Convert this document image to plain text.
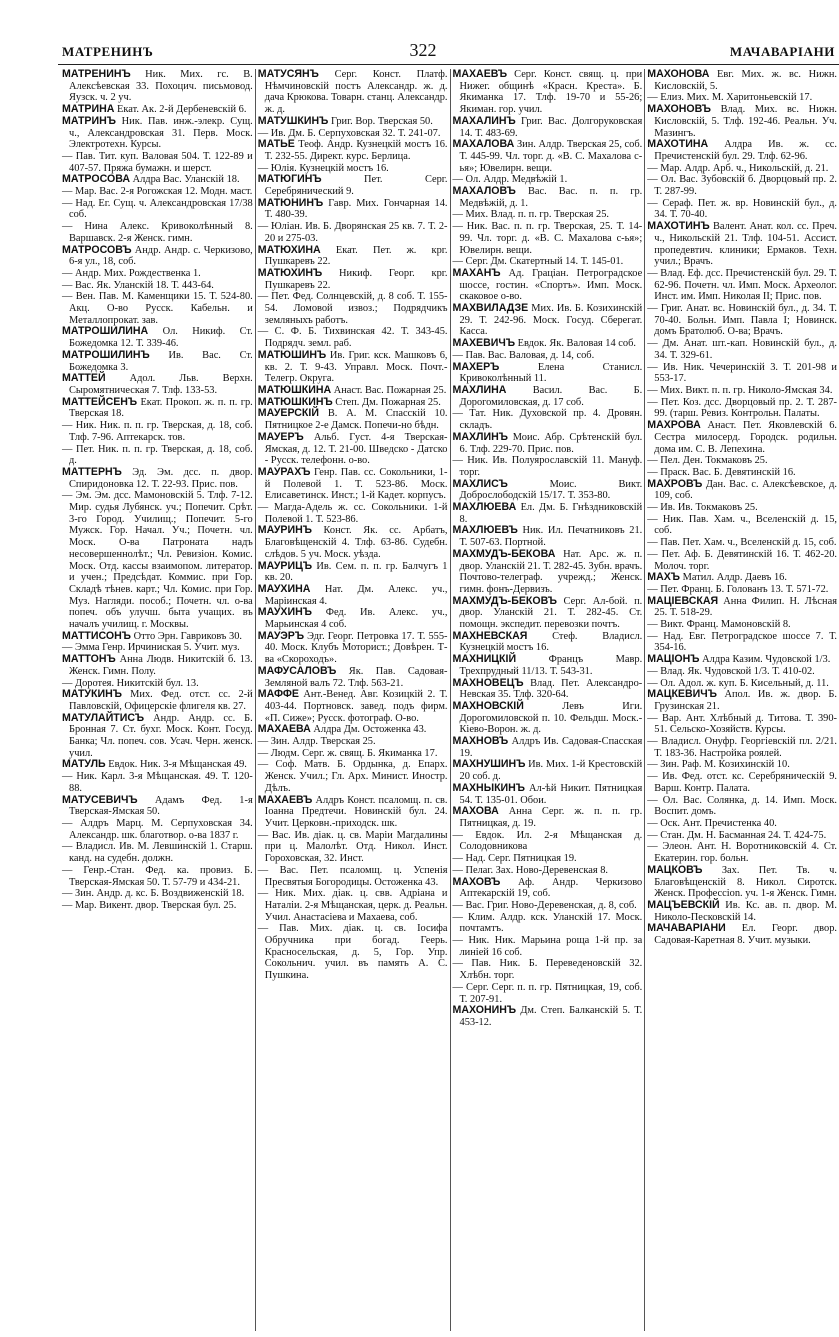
МАТРЕНИНЪ	322	МАЧАВАРІАНИ

МАТРЕНИНЪ Ник. Мих. гс. В. Алексѣевская 33. Похоцич. письмовод. Яузск. ч. 2 уч.

МАТРИНА Екат. Ак. 2-й Дербеневскій 6.

МАТРИНЪ Ник. Пав. инж.-элекр. Сущ. ч., Александровская 31. Перв. Моск. Электротехн. Курсы.

— Пав. Тит. куп. Валовая 504. Т. 122-89 и 407-57. Пряжа бумажн. и шерст.

МАТРОСОВА Алдра Вас. Уланскій 18.

— Мар. Вас. 2-я Рогожская 12. Модн. маст.

— Над. Ег. Сущ. ч. Александровская 17/38 соб.

— Нина Алекс. Кривоколѣнный 8. Варшавск. 2-я Женск. гимн.

МАТРОСОВЪ Андр. Андр. с. Черкизово, 6-я ул., 18, соб.

— Андр. Мих. Рождественка 1.

— Вас. Як. Уланскій 18. Т. 443-64.

— Вен. Пав. М. Каменщики 15. Т. 524-80. Акц. О-во Русск. Кабельн. и Металлопрокат. зав.

МАТРОШИЛИНА Ол. Никиф. Ст. Божедомка 12. Т. 339-46.

МАТРОШИЛИНЪ Ив. Вас. Ст. Божедомка 3.

МАТТЕЙ Адол. Льв. Верхн. Сыромятническая 7. Тлф. 133-53.

МАТТЕЙСЕНЪ Екат. Прокоп. ж. п. п. гр. Тверская 18.

— Ник. Ник. п. п. гр. Тверская, д. 18, соб. Тлф. 7-96. Аптекарск. тов.

— Пет. Ник. п. п. гр. Тверская, д. 18, соб. д.

МАТТЕРНЪ Эд. Эм. дсс. п. двор. Спиридоновка 12. Т. 22-93. Прис. пов.

— Эм. Эм. дсс. Мамоновскій 5. Тлф. 7-12. Мир. судья Лубянск. уч.; Попечит. Срѣт. 3-го Город. Училищ.; Попечит. 5-го Мужск. Гор. Начал. Уч.; Почетн. чл. Моск. О-ва Патроната надъ несовершеннолѣт.; Чл. Ревизіон. Комис. Моск. Отд. кассы взаимопом. литератор. и учен.; Предсѣдат. Коммис. при Гор. Складѣ тѣнев. карт.; Чл. Комис. при Гор. Муз. Нагляди. пособ.; Почетн. чл. о-ва попеч. объ улучш. быта учащих. въ началъ училищ. г. Москвы.

МАТТИСОНЪ Отто Эрн. Гавриковъ 30.

— Эмма Генр. Ирчиниская 5. Учит. муз.

МАТТОНЪ Анна Людв. Никитскій б. 13. Женск. Гимн. Полу.

— Доротея. Никитскій бул. 13.

МАТУКИНЪ Мих. Фед. отст. сс. 2-й Павловскій, Офицерскіе флигеля кв. 27.

МАТУЛАЙТИСЪ Андр. Андр. сс. Б. Бронная 7. Ст. бухг. Моск. Конт. Госуд. Банка; Чл. попеч. сов. Усач. Черн. женск. учил.

МАТУЛЬ Евдок. Ник. 3-я Мѣщанская 49.

— Ник. Карл. 3-я Мѣщанская. 49. Т. 120-88.

МАТУСЕВИЧЪ Адамъ Фед. 1-я Тверская-Ямская 50.

— Алдръ Марц. М. Серпуховская 34. Александр. шк. благотвор. о-ва 1837 г.

— Владисл. Ив. М. Левшинскій 1. Старш. канд. на судебн. должн.

— Генр.-Стан. Фед. ка. провиз. Б. Тверская-Ямская 50. Т. 57-79 и 434-21.

— Зин. Андр. д. кс. Б. Воздвиженскій 18.

— Мар. Викент. двор. Тверская бул. 25.

МАТУСЯНЪ Серг. Конст. Платф. Нѣмчиновскій постъ Александр. ж. д. дача Крюкова. Товарн. станц. Александр. ж. д.

МАТУШКИНЪ Григ. Вор. Тверская 50.

— Ив. Дм. Б. Серпуховская 32. Т. 241-07.

МАТЬЕ Теоф. Андр. Кузнецкій мостъ 16. Т. 232-55. Директ. курс. Берлица.

— Юлія. Кузнецкій мостъ 16.

МАТЮГИНЪ	Пет. Серг. Серебрянический 9.

МАТЮНИНЪ Гавр. Мих. Гончарная 14. Т. 480-39.

— Юліан. Ив. Б. Дворянская 25 кв. 7. Т. 2-20 и 275-03.

МАТЮХИНА Екат. Пет. ж. крг. Пушкаревъ 22.

МАТЮХИНЪ Никиф. Георг. крг. Пушкаревъ 22.

— Пет. Фед. Солнцевскій, д. 8 соб. Т. 155-54. Ломовой извоз.; Подрядчикъ земляныхъ работъ.

— С. Ф. Б. Тихвинская 42. Т. 343-45. Подрядч. земл. раб.

МАТЮШИНЪ Ив. Григ. кск. Машковъ 6, кв. 2. Т. 9-43. Управл. Моск. Почт.-Телегр. Округа.

МАТЮШКИНА Анаст. Вас. Пожарная 25.

МАТЮШКИНЪ Степ. Дм. Пожарная 25.

МАУЕРСКІЙ В. А. М. Спасскій 10. Пятницкое 2-е Дамск. Попечи-но бѣдн.

МАУЕРЪ Альб. Густ. 4-я Тверская-Ямская, д. 12. Т. 21-00. Шведско - Датско - Русск. телефонн. о-во.

МАУРАХЪ Генр. Пав. сс. Сокольники, 1-й Полевой 1. Т. 523-86. Моск. Елисаветинск. Инст.; 1-й Кадет. корпусъ.

— Магда-Адель ж. сс. Сокольники. 1-й Полевой 1. Т. 523-86.

МАУРИНЪ Конст. Як. сс. Арбатъ, Благовѣщенскій 4. Тлф. 63-86. Судебн. слѣдов. 5 уч. Моск. уѣзда.

МАУРИЦЪ Ив. Сем. п. п. гр. Балчугъ 1 кв. 20.

МАУХИНА Нат. Дм. Алекс. уч., Маріинская 4.

МАУХИНЪ Фед. Ив. Алекс. уч., Марьинская 4 соб.

МАУЭРЪ Эдг. Георг. Петровка 17. Т. 555-40. Моск. Клубъ Моторист.; Довѣрен. Т-ва «Скороходъ».

МАФУСАЛОВЪ Як. Пав. Садовая-Земляной валъ 72. Тлф. 563-21.

МАФФЕ Ант.-Венед. Авг. Козицкій 2. Т. 403-44. Портновск. завед. подъ фирм. «П. Сиже»; Русск. фотограф. О-во.

МАХАЕВА Алдра Дм. Остоженка 43.

— Зин. Алдр. Тверская 25.

— Людм. Серг. ж. свящ. Б. Якиманка 17.

— Соф. Матв. Б. Ордынка, д. Епарх. Женск. Учил.; Гл. Арх. Минист. Иностр. Дѣлъ.

МАХАЕВЪ Алдръ Конст. псаломщ. п. св. Іоанна Предтечи. Новинскій бул. 24. Учит. Церковн.-приходск. шк.

— Вас. Ив. діак. ц. св. Маріи Магдалины при ц. Малолѣт. Отд. Никол. Инст. Гороховская, 32. Инст.

— Вас. Пет. псаломщ. ц. Успенія Пресвятыя Богородицы. Остоженка 43.

— Ник. Мих. діак. ц. свв. Адріана и Наталіи. 2-я Мѣщанская, церк. д. Реальн. Учил. Анастасіева и Махаева, соб.

— Пав. Мих. діак. ц. св. Іосифа Обручника при богад. Геерь. Красносельская, д. 5, Гор. Упр. Сокольнич. учил. въ память А. С. Пушкина.

МАХАЕВЪ Серг. Конст. свящ. ц. при Нижег. общинѣ «Красн. Креста». Б. Якиманка 17. Тлф. 19-70 и 55-26; Якиман. гор. учил.

МАХАЛИНЪ Григ. Вас. Долгоруковская 14. Т. 483-69.

МАХАЛОВА Зин. Алдр. Тверская 25, соб. Т. 445-99. Чл. торг. д. «В. С. Махалова с-ья»; Ювелирн. вещи.

— Ол. Алдр. Медвѣжій 1.

МАХАЛОВЪ Вас. Вас. п. п. гр. Медвѣжій, д. 1.

— Мих. Влад. п. п. гр. Тверская 25.

— Ник. Вас. п. п. гр. Тверская, 25. Т. 14-99. Чл. торг. д. «В. С. Махалова с-ья»; Ювелирн. вещи.

— Серг. Дм. Скатертный 14. Т. 145-01.

МАХАНЪ Ад. Граціан. Петроградское шоссе, гостин. «Спортъ». Имп. Моск. скаковое о-во.

МАХВИЛАДЗЕ Мих. Ив. Б. Козихинскій 29. Т. 242-96. Моск. Госуд. Сберегат. Касса.

МАХЕВИЧЪ Евдок. Як. Валовая 14 соб.

— Пав. Вас. Валовая, д. 14, соб.

МАХЕРЪ	Елена Станисл. Кривоколѣнный 11.

МАХЛИНА	Васил. Вас. Б. Дорогомиловская, д. 17 соб.

— Тат. Ник. Духовской пр. 4. Дровян. складъ.

МАХЛИНЪ Моис. Абр. Срѣтенскій бул. 6. Тлф. 229-70. Прис. пов.

— Ник. Ив. Полуярославскій 11. Мануф. торг.

МАХЛИСЪ	Моис. Викт. Дoброслободскій 15/17. Т. 353-80.

МАХЛЮЕВА Ел. Дм. Б. Гнѣздниковскій 8.

МАХЛЮЕВЪ Ник. Ил. Печатниковъ 21. Т. 507-63. Портной.

МАХМУДЪ-БЕКОВА Нат. Арс. ж. п. двор. Уланскій 21. Т. 282-45. Зубн. врачъ. Почтово-телеграф. учрежд.; Женск. гимн. фонъ-Дервизъ.

МАХМУДЪ-БЕКОВЪ Серг. Ал-бой. п. двор. Уланскій 21. Т. 282-45. Ст. помощн. экспедит. перевозки почтъ.

МАХНЕВСКАЯ Стеф. Владисл. Кузнецкій мостъ 16.

МАХНИЦКІЙ	Францъ Мавр. Трехпрудный 11/13. Т. 543-31.

МАХНОВЕЦЪ Влад. Пет. Александро-Невская 35. Тлф. 320-64.

МАХНОВСКІЙ	Левъ Иги. Дорогомиловской п. 10. Фельдш. Моск.-Кіево-Ворон. ж. д.

МАХНОВЪ Алдръ Ив. Садовая-Спасская 19.

МАХНУШИНЪ Ив. Мих. 1-й Крестовскій 20 соб. д.

МАХНЫКИНЪ Ал-ѣй Никит. Пятницкая 54. Т. 135-01. Обои.

МАХОВА Анна Серг. ж. п. п. гр. Пятницкая, д. 19.

— Евдок. Ил. 2-я Мѣщанская д. Солодовникова

— Над. Серг. Пятницкая 19.

— Пелаг. Зах. Ново-Деревенская 8.

МАХОВЪ Аф. Андр. Черкизово Аптекарскій 19, соб.

— Вас. Григ. Ново-Деревенская, д. 8, соб.

— Клим. Алдр. кск. Уланскій 17. Моск. почтамтъ.

— Ник. Ник. Марьина роща 1-й пр. за линіей 16 соб.

— Пав. Ник. Б. Переведеновскій 32. Хлѣбн. торг.

— Серг. Серг. п. п. гр. Пятницкая, 19, соб. Т. 207-91.

МАХОНИНЪ Дм. Степ. Балканскій 5. Т. 453-12.

МАХОНОВА Евг. Мих. ж. вс. Нижн. Кисловскій, 5.

— Елиз. Мих. М. Харитоньевскій 17.

МАХОНОВЪ Влад. Мих. вс. Нижн. Кисловскій, 5. Тлф. 192-46. Реальн. Уч. Мазингъ.

МАХОТИНА Алдра Ив. ж. сс. Пречистенскій бул. 29. Тлф. 62-96.

— Мар. Алдр. Арб. ч., Никольскій, д. 21.

— Ол. Вас. Зубовскій б. Дворцовый пр. 2. Т. 287-99.

— Сераф. Пет. ж. вр. Новинскій бул., д. 34. Т. 70-40.

МАХОТИНЪ Валент. Анат. кол. сс. Преч. ч., Никольскій 21. Тлф. 104-51. Ассист. пропедевтич. клиники; Ермаков. Техн. учил.; Врачъ.

— Влад. Еф. дсс. Пречистенскій бул. 29. Т. 62-96. Почетн. чл. Имп. Моск. Археолог. Инст. им. Имп. Николая II; Прис. пов.

— Григ. Анат. вс. Новинскій бул., д. 34. Т. 70-40. Больн. Имп. Павла I; Новинск. домъ Братолюб. О-ва; Врачъ.

— Дм. Анат. шт.-кап. Новинскій бул., д. 34. Т. 329-61.

— Ив. Ник. Чечеринскій 3. Т. 201-98 и 553-17.

— Мих. Викт. п. п. гр. Николо-Ямская 34.

— Пет. Коз. дсс. Дворцовый пр. 2. Т. 287-99. (тарш. Ревиз. Контрольн. Палаты.

МАХРОВА Анаст. Пет. Яковлевскій 6. Сестра милосерд. Городск. родильн. дома им. С. В. Лепехина.

— Пел. Ден. Токмаковъ 25.

— Праск. Вас. Б. Девятинскій 16.

МАХРОВЪ Дан. Вас. с. Алексѣевское, д. 109, соб.

— Ив. Ив. Токмаковъ 25.

— Ник. Пав. Хам. ч., Вселенскій д. 15, соб.

— Пав. Пет. Хам. ч., Вселенскій д. 15, соб.

— Пет. Аф. Б. Девятинскій 16. Т. 462-20. Молоч. торг.

МАХЪ Матил. Алдр. Даевъ 16.

— Пет. Франц. Б. Голованъ 13. Т. 571-72.

МАЦІЕВСКАЯ Анна Филип. Н. Лѣсная 25. Т. 518-29.

— Викт. Франц. Мамоновскій 8.

— Над. Евг. Петроградское шоссе 7. Т. 354-16.

МАЦІОНЪ Алдра Казим. Чудовской 1/3.

— Влад. Як. Чудовской 1/3. Т. 410-02.

— Ол. Адол. ж. куп. Б. Кисельный, д. 11.

МАЦКЕВИЧЪ Апол. Ив. ж. двор. Б. Грузинская 21.

— Вар. Ант. Хлѣбный д. Титова. Т. 390-51. Сельско-Хозяйств. Курсы.

— Владисл. Онуфр. Георгіевскій пл. 2/21. Т. 183-36. Настройка роялей.

— Зин. Раф. М. Козихинскій 10.

— Ив. Фед. отст. кс. Серебряническій 9. Варш. Контр. Палата.

— Ол. Вас. Солянка, д. 14. Имп. Моск. Воспит. домъ.

— Оск. Ант. Пречистенка 40.

— Стан. Дм. Н. Басманная 24. Т. 424-75.

— Элеон. Ант. Н. Воротниковскій 4. Ст. Екатерин. гор. больн.

МАЦКОВЪ Зах. Пет. Тв. ч. Благовѣщенскій 8. Никол. Сиротск. Женск. Професcion. уч. 1-я Женск. Гимн.

МАЦЪЕВСКІЙ Ив. Кс. ав. п. двор. М. Николо-Песковскій 14.

МАЧАВАРІАНИ Ел. Георг. двор. Садовая-Каретная 8. Учит. музыки.
